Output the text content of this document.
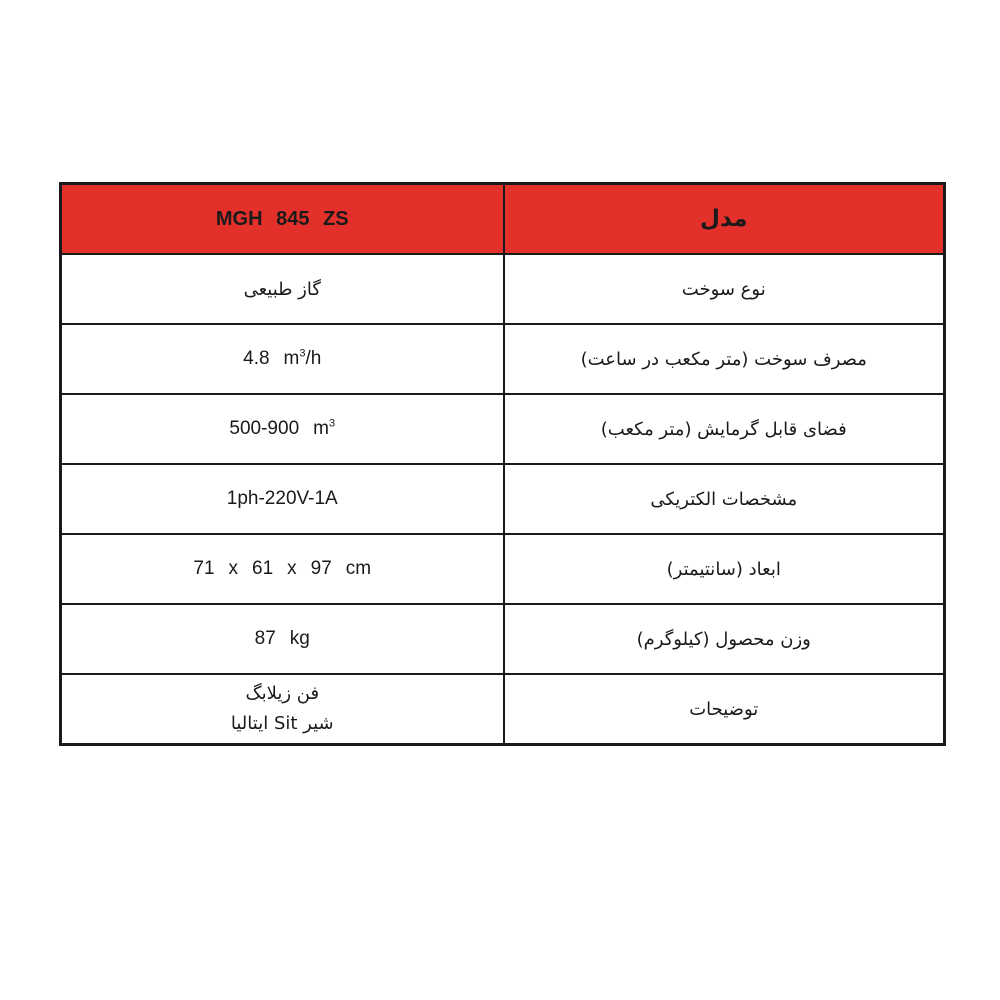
مدل	MGH 845 ZS
نوع سوخت	گاز طبیعی
مصرف سوخت (متر مکعب در ساعت)	4.8 $m^3/h$
فضای قابل گرمایش (متر مکعب)	500-900 $m^3$
مشخصات الکتریکی	1ph-220V-1A
ابعاد (سانتیمتر)	71 x 61 x 97 cm
وزن محصول (کیلوگرم)	87 kg
توضیحات	فن زیلابگ
شیر Sit ایتالیا
